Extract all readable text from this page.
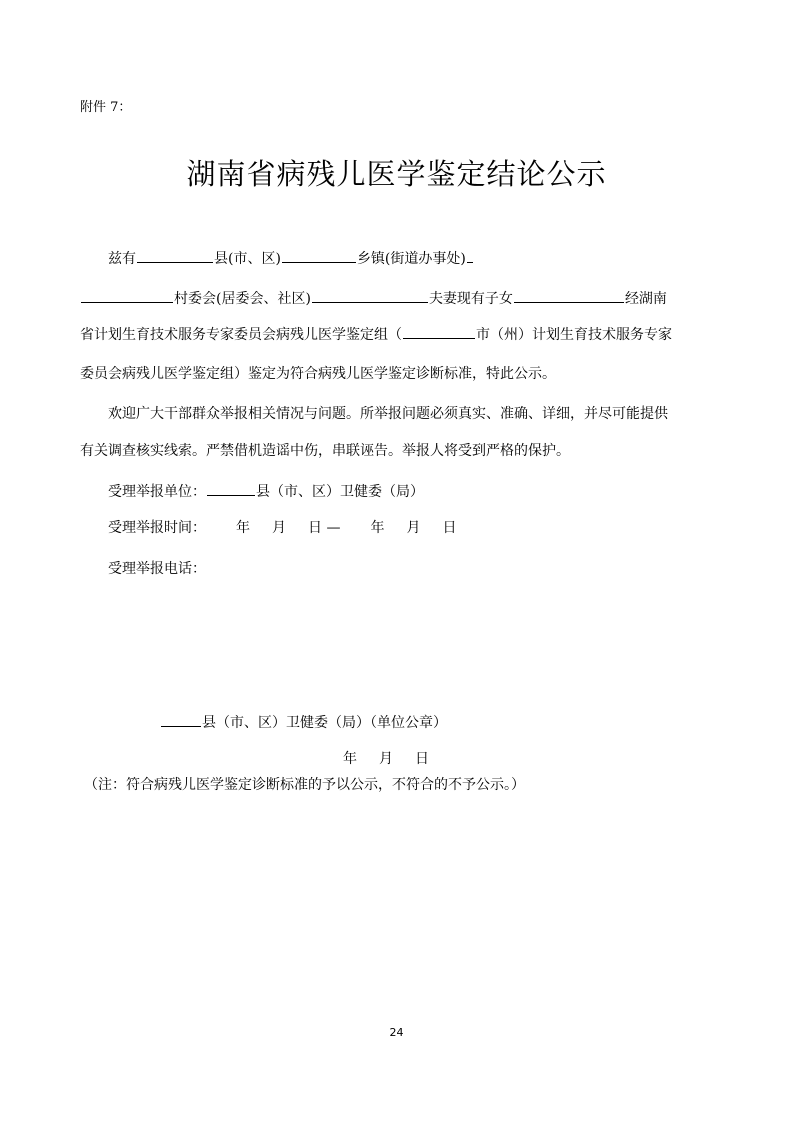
附件 7：
湖南省病残儿医学鉴定结论公示
兹有	县(市、区)	乡镇(街道办事处)
村委会(居委会、社区)	夫妻现有子女	经湖南
省计划生育技术服务专家委员会病残儿医学鉴定组（	市（州）计划生育技术服务专家
委员会病残儿医学鉴定组）鉴定为符合病残儿医学鉴定诊断标准，特此公示。
欢迎广大干部群众举报相关情况与问题。所举报问题必须真实、准确、详细，并尽可能提供
有关调查核实线索。严禁借机造谣中伤，串联诬告。举报人将受到严格的保护。
受理举报单位：	县（市、区）卫健委（局）
受理举报时间： 年 月 日 — 年 月 日
受理举报电话：
县（市、区）卫健委（局）（单位公章）
年 月 日
（注：符合病残儿医学鉴定诊断标准的予以公示，不符合的不予公示。）
24
